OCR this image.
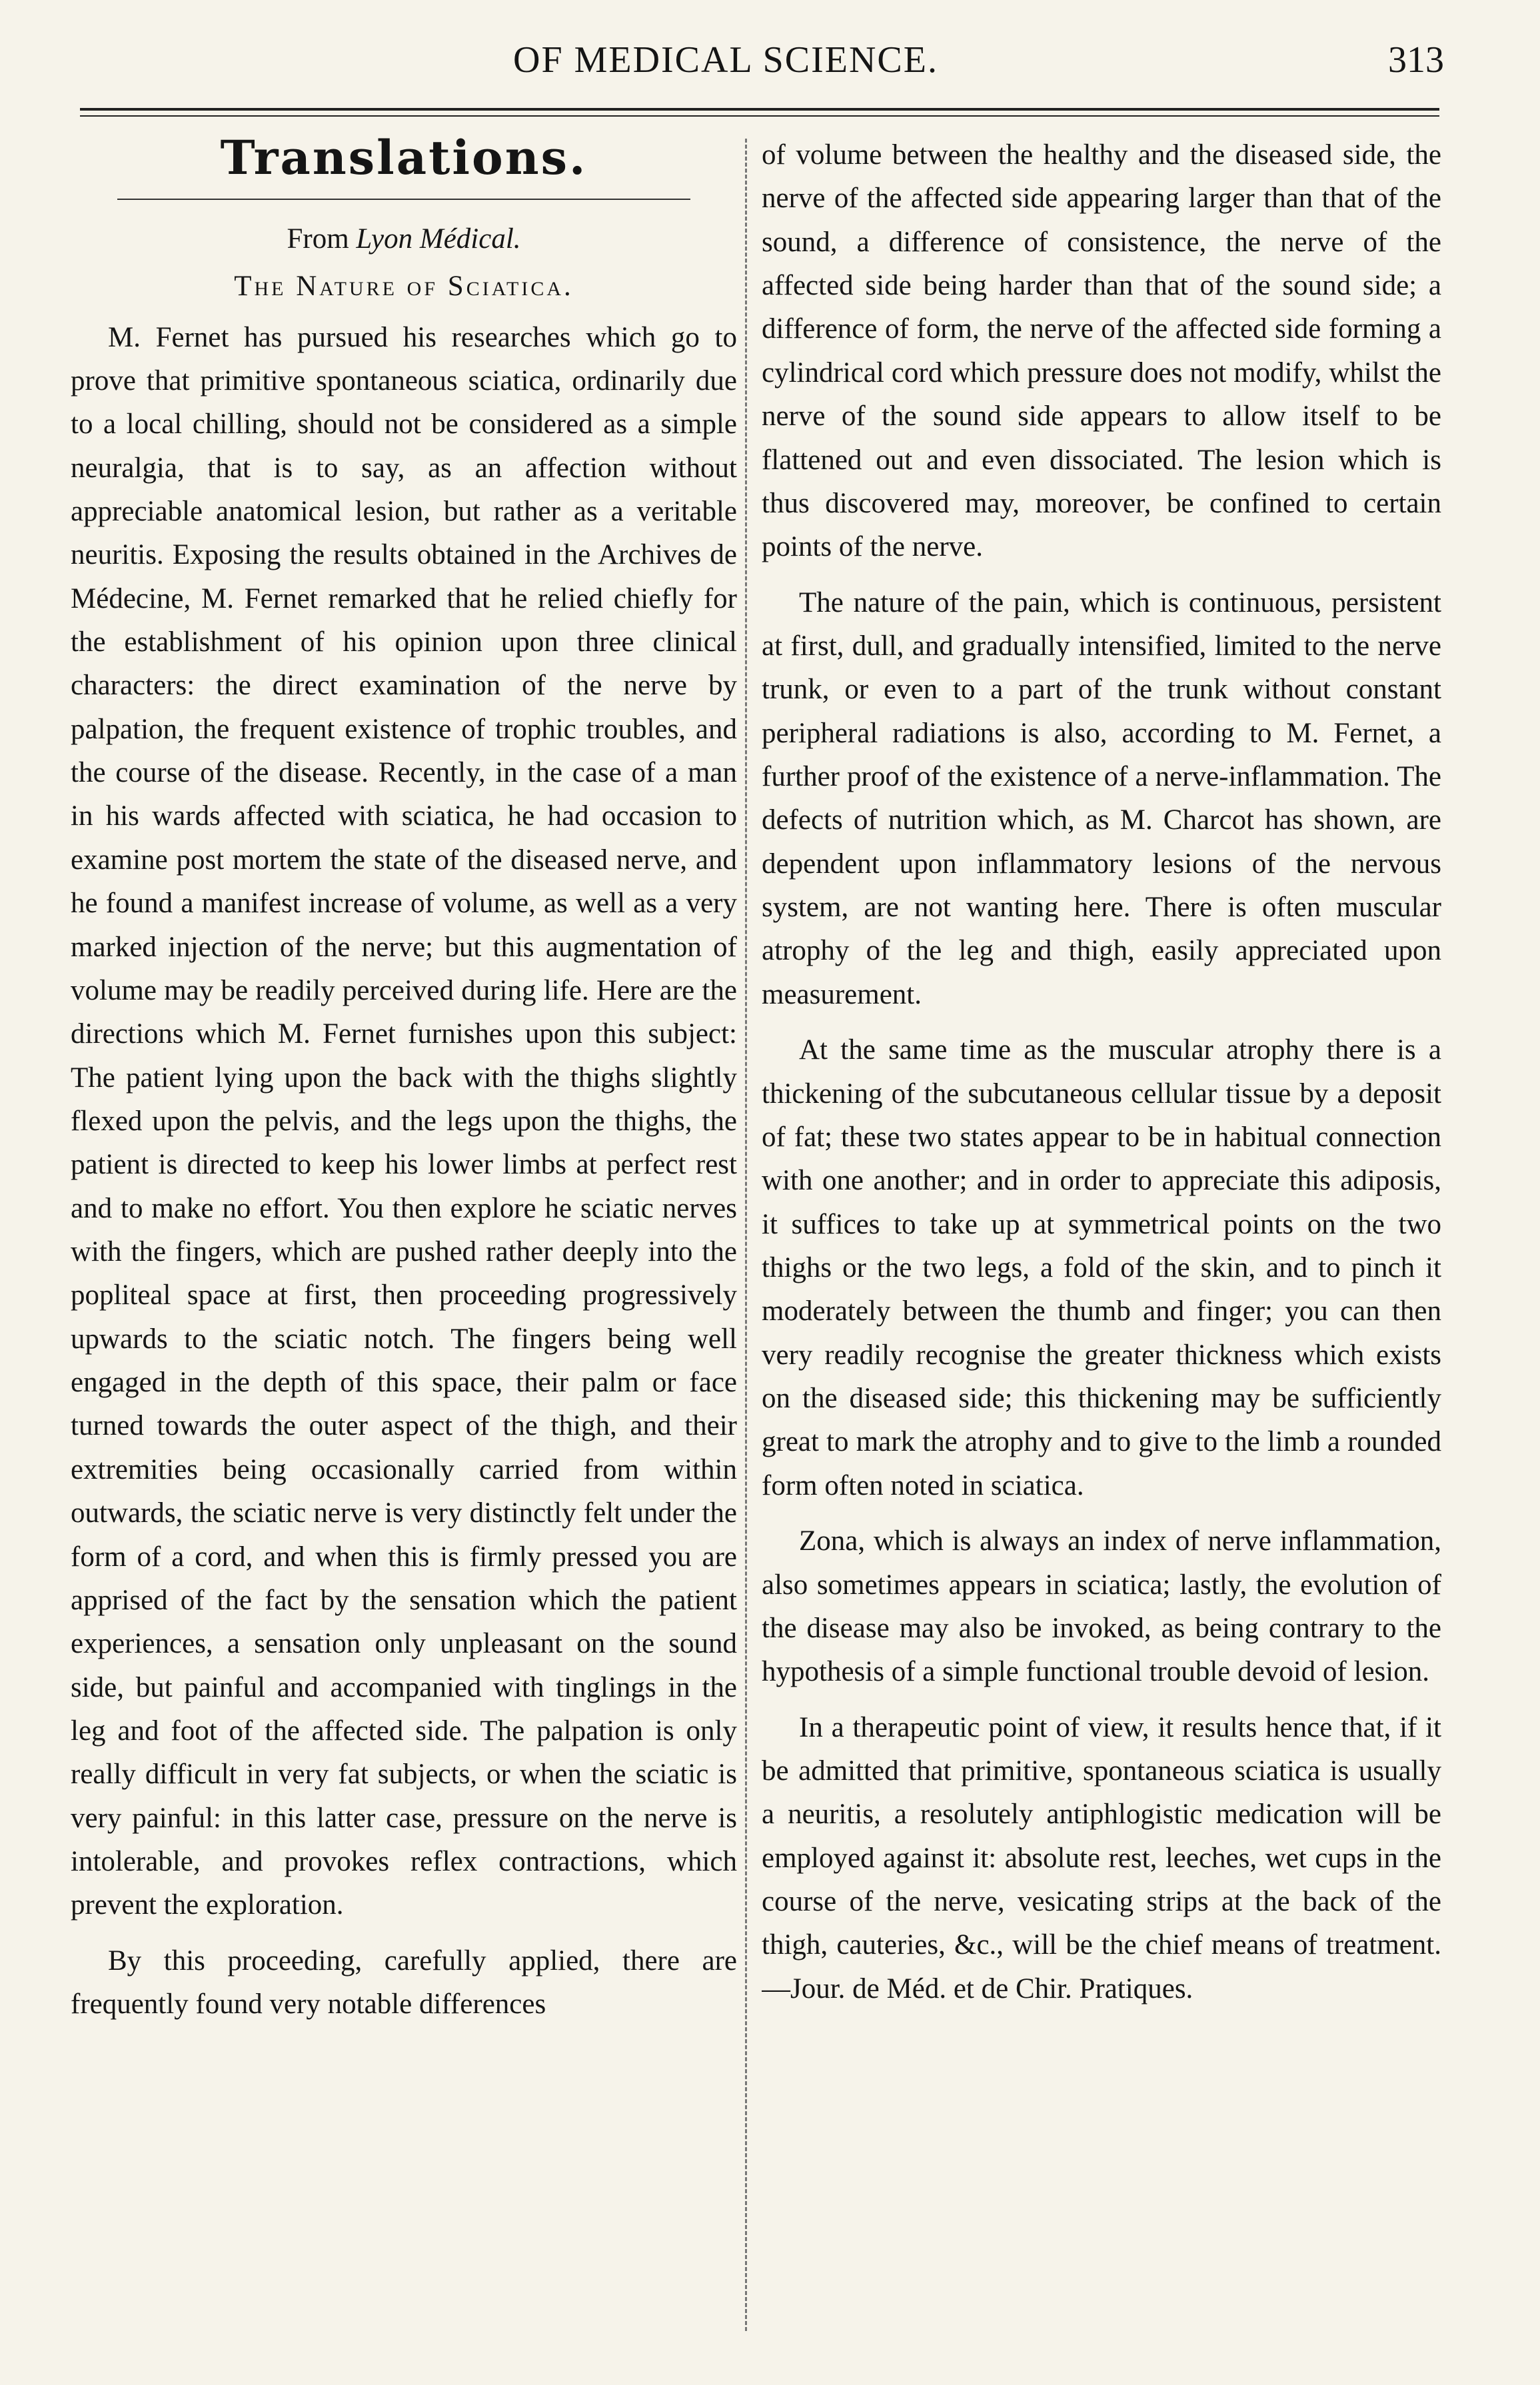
OF MEDICAL SCIENCE.	313
Translations.
From Lyon Médical.
The Nature of Sciatica.

M. Fernet has pursued his researches which go to prove that primitive spontaneous sciatica, ordinarily due to a local chilling, should not be considered as a simple neuralgia, that is to say, as an affection without appreciable anatomical lesion, but rather as a veritable neuritis. Exposing the results obtained in the Archives de Médecine, M. Fernet remarked that he relied chiefly for the establishment of his opinion upon three clinical characters: the direct examination of the nerve by palpation, the frequent existence of trophic troubles, and the course of the disease. Recently, in the case of a man in his wards affected with sciatica, he had occasion to examine post mortem the state of the diseased nerve, and he found a manifest increase of volume, as well as a very marked injection of the nerve; but this augmentation of volume may be readily perceived during life. Here are the directions which M. Fernet furnishes upon this subject: The patient lying upon the back with the thighs slightly flexed upon the pelvis, and the legs upon the thighs, the patient is directed to keep his lower limbs at perfect rest and to make no effort. You then explore he sciatic nerves with the fingers, which are pushed rather deeply into the popliteal space at first, then proceeding progressively upwards to the sciatic notch. The fingers being well engaged in the depth of this space, their palm or face turned towards the outer aspect of the thigh, and their extremities being occasionally carried from within outwards, the sciatic nerve is very distinctly felt under the form of a cord, and when this is firmly pressed you are apprised of the fact by the sensation which the patient experiences, a sensation only unpleasant on the sound side, but painful and accompanied with tinglings in the leg and foot of the affected side. The palpation is only really difficult in very fat subjects, or when the sciatic is very painful: in this latter case, pressure on the nerve is intolerable, and provokes reflex contractions, which prevent the exploration.

By this proceeding, carefully applied, there are frequently found very notable differences

of volume between the healthy and the diseased side, the nerve of the affected side appearing larger than that of the sound, a difference of consistence, the nerve of the affected side being harder than that of the sound side; a difference of form, the nerve of the affected side forming a cylindrical cord which pressure does not modify, whilst the nerve of the sound side appears to allow itself to be flattened out and even dissociated. The lesion which is thus discovered may, moreover, be confined to certain points of the nerve.

The nature of the pain, which is continuous, persistent at first, dull, and gradually intensified, limited to the nerve trunk, or even to a part of the trunk without constant peripheral radiations is also, according to M. Fernet, a further proof of the existence of a nerve-inflammation. The defects of nutrition which, as M. Charcot has shown, are dependent upon inflammatory lesions of the nervous system, are not wanting here. There is often muscular atrophy of the leg and thigh, easily appreciated upon measurement.

At the same time as the muscular atrophy there is a thickening of the subcutaneous cellular tissue by a deposit of fat; these two states appear to be in habitual connection with one another; and in order to appreciate this adiposis, it suffices to take up at symmetrical points on the two thighs or the two legs, a fold of the skin, and to pinch it moderately between the thumb and finger; you can then very readily recognise the greater thickness which exists on the diseased side; this thickening may be sufficiently great to mark the atrophy and to give to the limb a rounded form often noted in sciatica.

Zona, which is always an index of nerve inflammation, also sometimes appears in sciatica; lastly, the evolution of the disease may also be invoked, as being contrary to the hypothesis of a simple functional trouble devoid of lesion.

In a therapeutic point of view, it results hence that, if it be admitted that primitive, spontaneous sciatica is usually a neuritis, a resolutely antiphlogistic medication will be employed against it: absolute rest, leeches, wet cups in the course of the nerve, vesicating strips at the back of the thigh, cauteries, &c., will be the chief means of treatment.—Jour. de Méd. et de Chir. Pratiques.
